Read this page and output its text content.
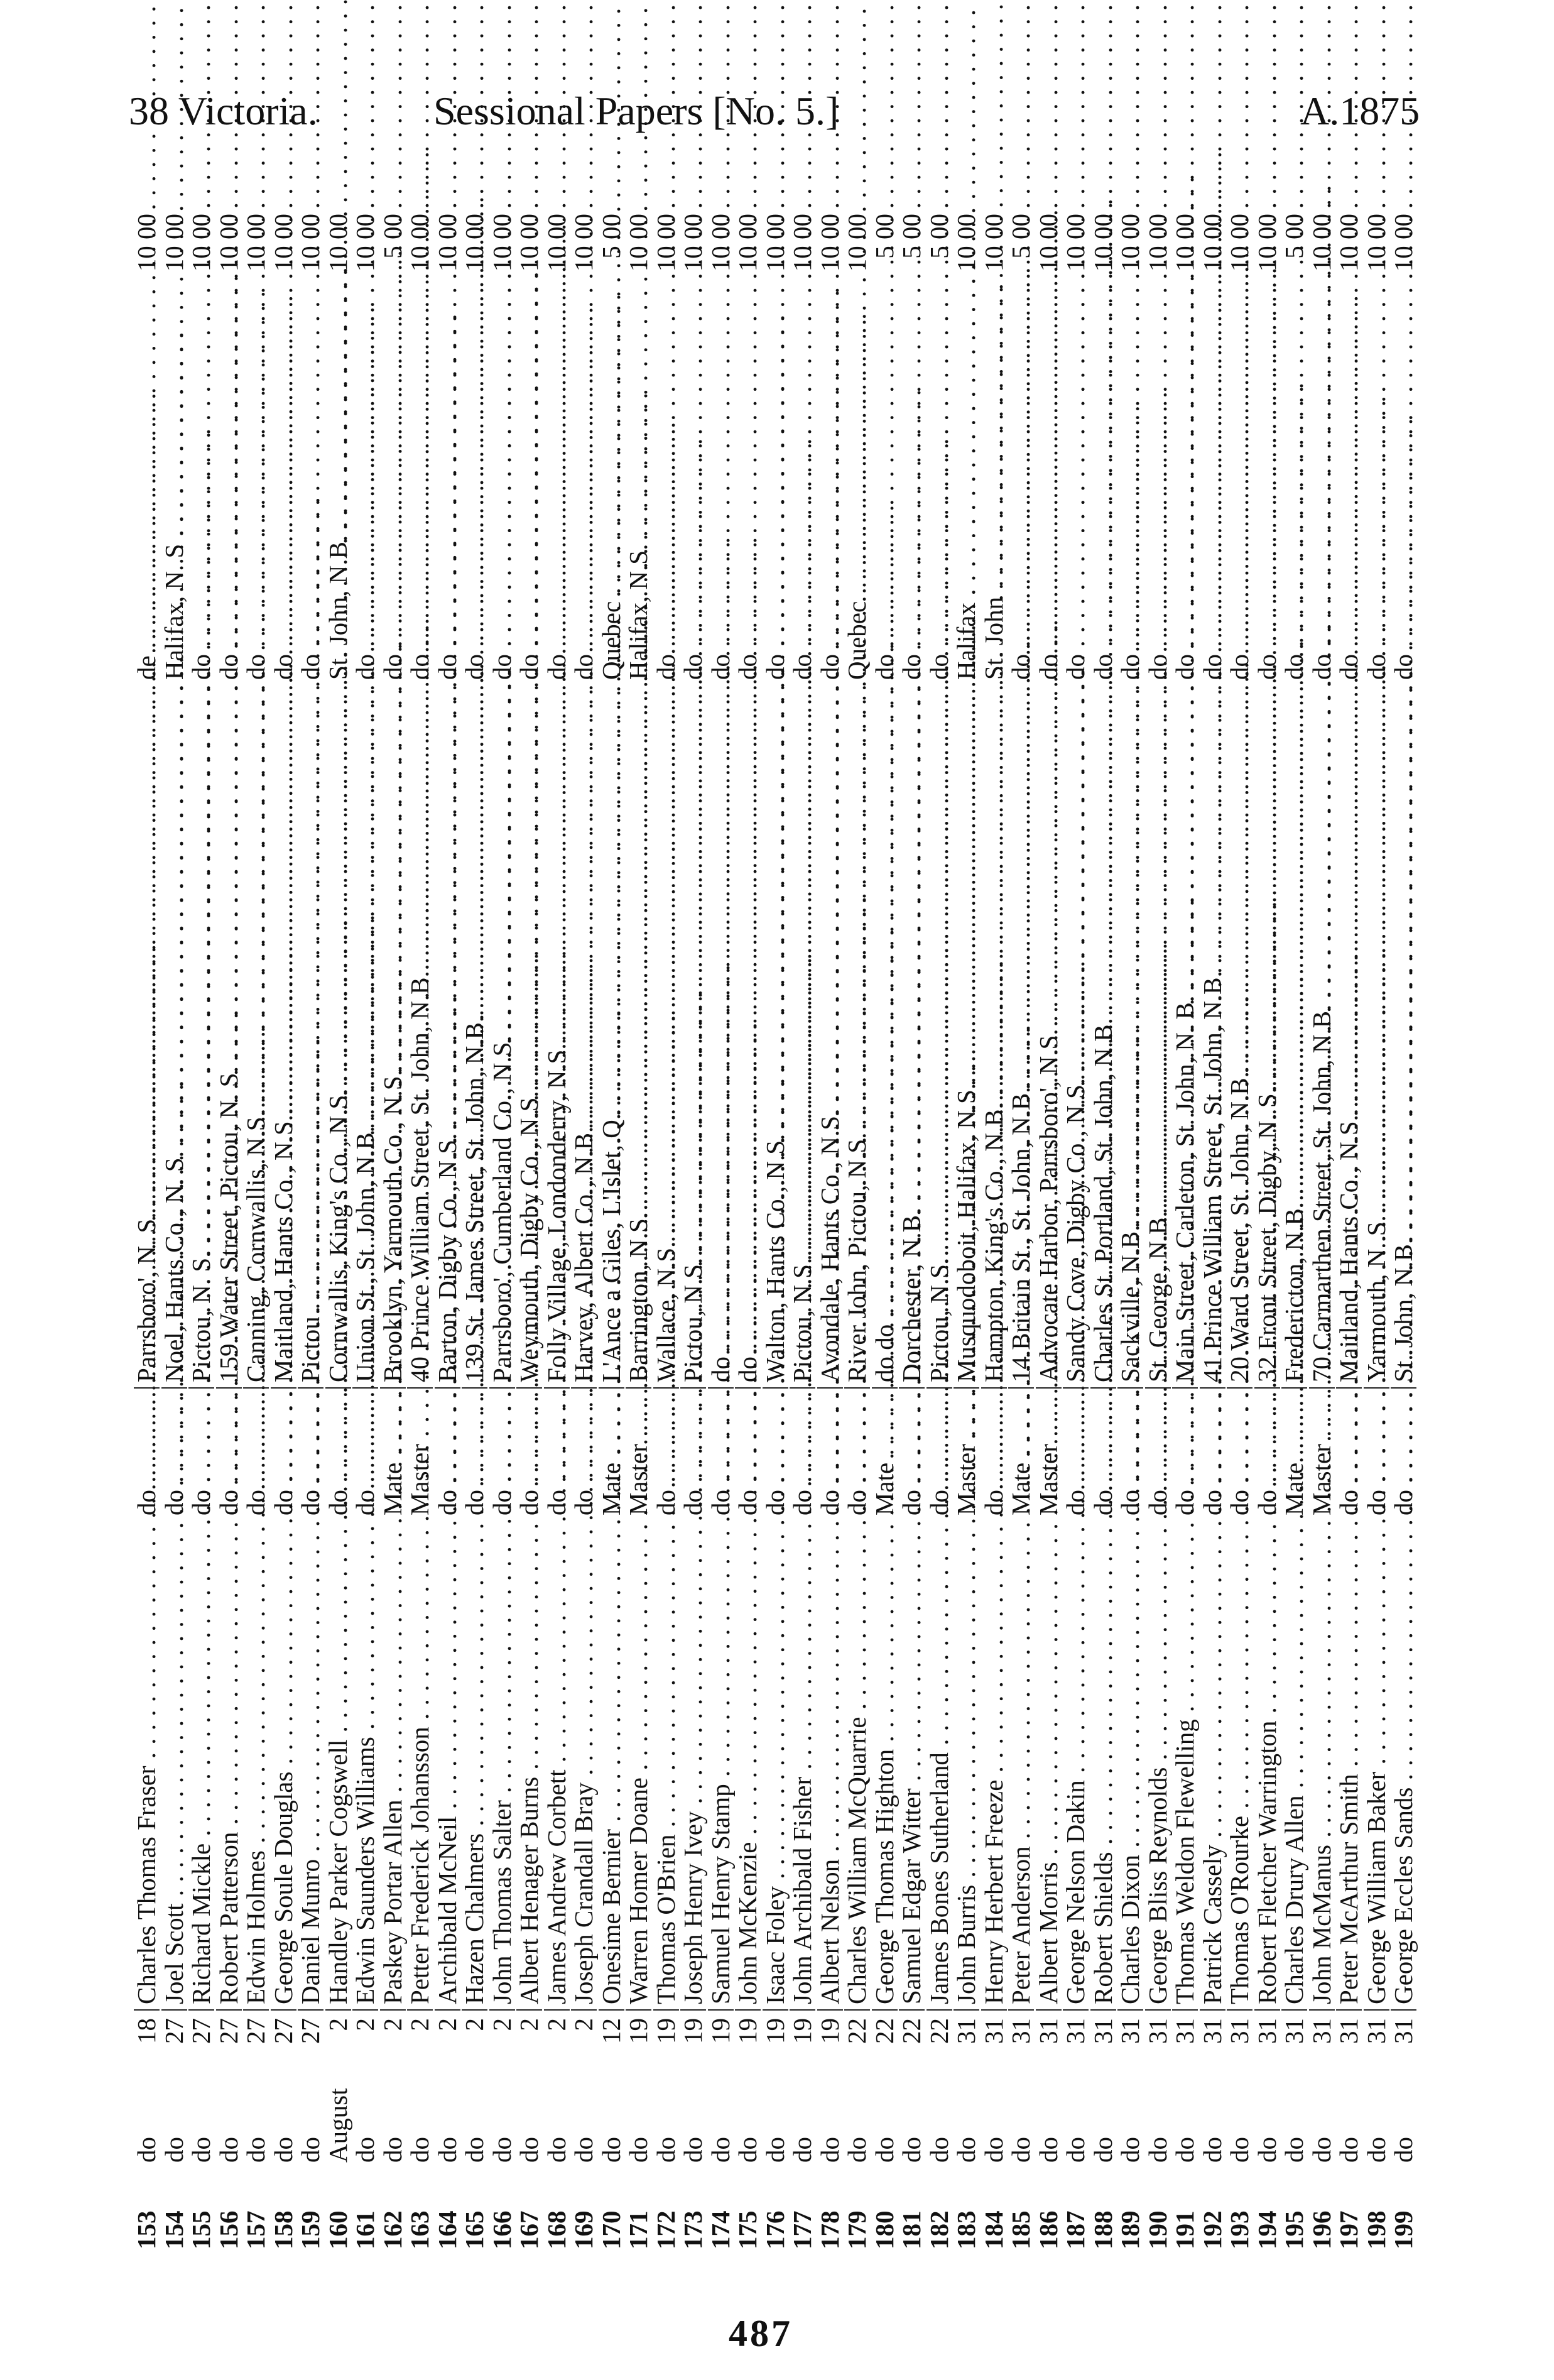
38 Victoria.	Sessional Papers [No. 5.]	A.1875
153
do
18
Charles Thomas Fraser . . .
do . . .
Parrsboro', N. S. . . .
de . . .
10 00
154
do
27
Joel Scott . . .
do . . .
Noel, Hants Co., N. S. . . .
Halifax, N. S . . .
10 00
155
do
27
Richard Mickle . . .
do . . .
Pictou, N. S. . . .
do . . .
10 00
156
do
27
Robert Patterson . . .
do . . .
159 Water Street, Pictou, N. S. . . .
do . . .
10 00
157
do
27
Edwin Holmes . . .
do . . .
Canning, Cornwallis, N.S. . . .
do . . .
10 00
158
do
27
George Soule Douglas . . .
do . . .
Maitland, Hants Co., N.S. . . .
do . . .
10 00
159
do
27
Daniel Munro . . .
do . . .
Pictou . . .
do . . .
10 00
160
August
2
Handley Parker Cogswell . . .
do . . .
Cornwallis, King's Co., N.S. . . .
St. John, N.B. . . .
10 00
161
do
2
Edwin Saunders Williams . . .
do . . .
Union St., St. John, N.B. . . .
do . . .
10 00
162
do
2
Paskey Portar Allen . . .
Mate . . .
Brooklyn, Yarmouth Co., N.S. . . .
do . . .
5 00
163
do
2
Petter Frederick Johansson . . .
Master . . .
40 Prince William Street, St. John, N.B. . . .
do . . .
10 00
164
do
2
Archibald McNeil . . .
do . . .
Barton, Digby Co., N.S. . . .
do . . .
10 00
165
do
2
Hazen Chalmers . . .
do . . .
139 St. James Street, St. John, N.B. . . .
do . . .
10 00
166
do
2
John Thomas Salter . . .
do . . .
Parrsboro', Cumberland Co., N.S. . . .
do . . .
10 00
167
do
2
Albert Henager Burns . . .
do . . .
Weymouth, Digby Co., N.S. . . .
do . . .
10 00
168
do
2
James Andrew Corbett . . .
do . . .
Folly Village, Londonderry, N.S. . . .
do . . .
10 00
169
do
2
Joseph Crandall Bray . . .
do . . .
Harvey, Albert Co., N.B. . . .
do . . .
10 00
170
do
12
Onesime Bernier . . .
Mate . . .
L'Ance a Giles, L'Islet, Q. . . .
Quebec . . .
5 00
171
do
19
Warren Homer Doane . . .
Master . . .
Barrington, N.S. . . .
Halifax, N.S. . . .
10 00
172
do
19
Thomas O'Brien . . .
do . . .
Wallace, N.S. . . .
do . . .
10 00
173
do
19
Joseph Henry Ivey . . .
do . . .
Pictou, N.S. . . .
do . . .
10 00
174
do
19
Samuel Henry Stamp . . .
do . . .
do . . .
do . . .
10 00
175
do
19
John McKenzie . . .
do . . .
do . . .
do . . .
10 00
176
do
19
Isaac Foley . . .
do . . .
Walton, Hants Co., N.S. . . .
do . . .
10 00
177
do
19
John Archibald Fisher . . .
do . . .
Pictou, N.S. . . .
do . . .
10 00
178
do
19
Albert Nelson . . .
do . . .
Avondale, Hants Co., N.S. . . .
do . . .
10 00
179
do
22
Charles William McQuarrie . . .
do . . .
River John, Pictou, N.S. . . .
Quebec . . .
10 00
180
do
22
George Thomas Highton . . .
Mate . . .
do do . . .
do . . .
5 00
181
do
22
Samuel Edgar Witter . . .
do . . .
Dorchester, N.B. . . .
do . . .
5 00
182
do
22
James Bones Sutherland . . .
do . . .
Pictou, N.S. . . .
do . . .
5 00
183
do
31
John Burris . . .
Master . . .
Musquodoboit, Halifax, N.S. . . .
Halifax . . .
10 00
184
do
31
Henry Herbert Freeze . . .
do . . .
Hampton, King's Co., N.B. . . .
St. John . . .
10 00
185
do
31
Peter Anderson . . .
Mate . . .
14 Britain St., St. John, N.B. . . .
do . . .
5 00
186
do
31
Albert Morris . . .
Master . . .
Advocate Harbor, Parrsboro', N.S. . . .
do . . .
10 00
187
do
31
George Nelson Dakin . . .
do . . .
Sandy Cove, Digby Co., N.S. . . .
do . . .
10 00
188
do
31
Robert Shields . . .
do . . .
Charles St. Portland, St. John, N.B. . . .
do . . .
10 00
189
do
31
Charles Dixon . . .
do . . .
Sackville, N.B. . . .
do . . .
10 00
190
do
31
George Bliss Reynolds . . .
do . . .
St. George, N.B. . . .
do . . .
10 00
191
do
31
Thomas Weldon Flewelling . . .
do . . .
Main Street, Carleton, St. John, N. B. . . .
do . . .
10 00
192
do
31
Patrick Cassely . . .
do . . .
41 Prince William Street, St. John, N.B. . . .
do . . .
10 00
193
do
31
Thomas O'Rourke . . .
do . . .
20 Ward Street, St. John, N.B. . . .
do . . .
10 00
194
do
31
Robert Fletcher Warrington . . .
do . . .
32 Front Street, Digby, N. S. . . .
do . . .
10 00
195
do
31
Charles Drury Allen . . .
Mate . . .
Fredericton, N.B. . . .
do . . .
5 00
196
do
31
John McManus . . .
Master . . .
70 Carmarthen Street, St. John, N.B. . . .
do . . .
10 00
197
do
31
Peter McArthur Smith . . .
do . . .
Maitland, Hants Co., N.S. . . .
do . . .
10 00
198
do
31
George William Baker . . .
do . . .
Yarmouth, N. S. . . .
do . . .
10 00
199
do
31
George Eccles Sands . . .
do . . .
St. John, N.B. . . .
do . . .
10 00
487
